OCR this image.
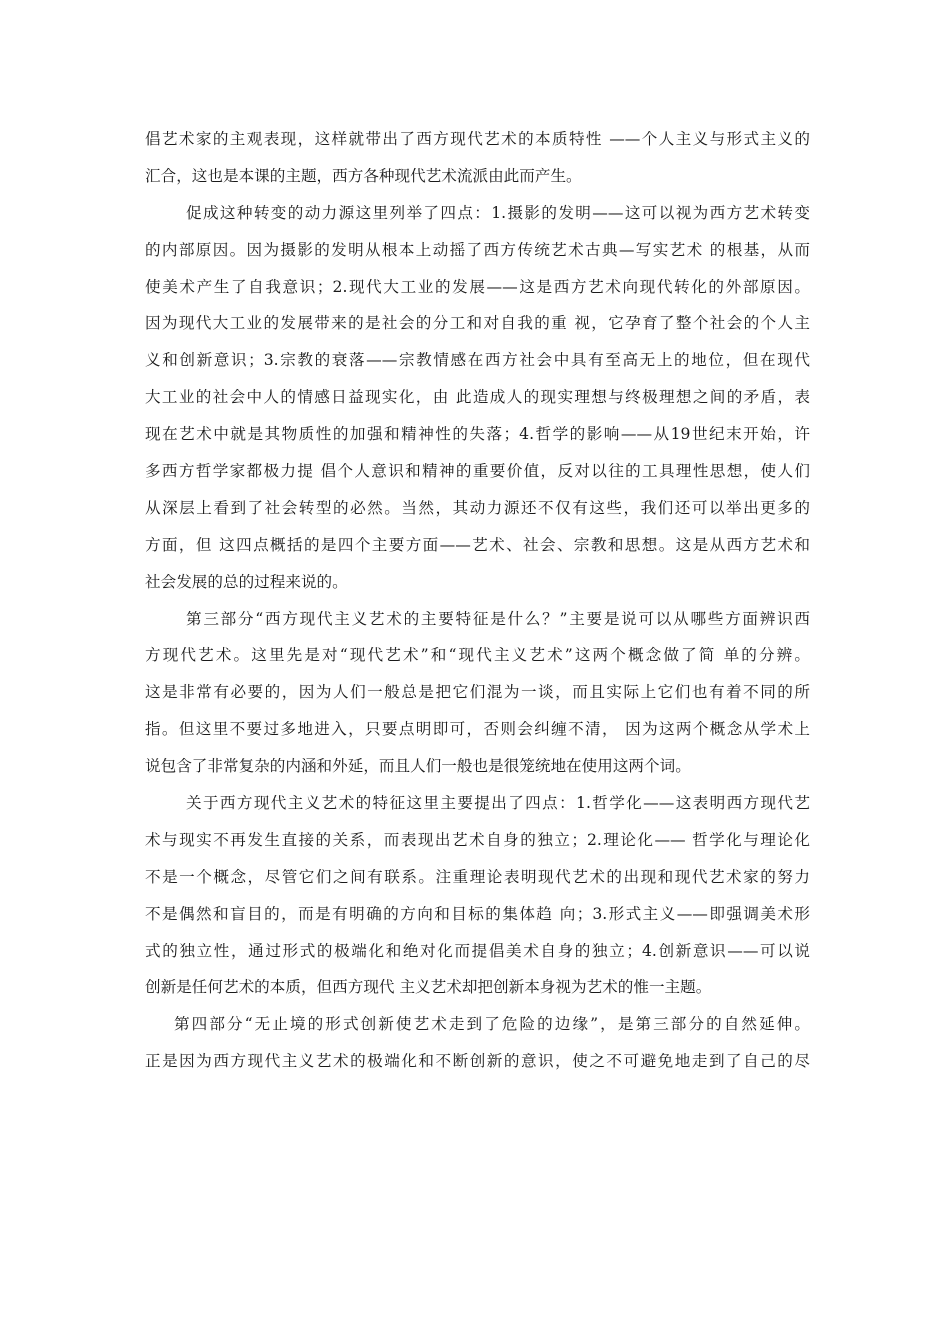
倡艺术家的主观表现，这样就带出了西方现代艺术的本质特性 ——个人主义与形式主义的
汇合，这也是本课的主题，西方各种现代艺术流派由此而产生。
促成这种转变的动力源这里列举了四点：1.摄影的发明——这可以视为西方艺术转变
的内部原因。因为摄影的发明从根本上动摇了西方传统艺术古典—写实艺术 的根基，从而
使美术产生了自我意识；2.现代大工业的发展——这是西方艺术向现代转化的外部原因。
因为现代大工业的发展带来的是社会的分工和对自我的重 视，它孕育了整个社会的个人主
义和创新意识；3.宗教的衰落——宗教情感在西方社会中具有至高无上的地位，但在现代
大工业的社会中人的情感日益现实化，由 此造成人的现实理想与终极理想之间的矛盾，表
现在艺术中就是其物质性的加强和精神性的失落；4.哲学的影响——从19世纪末开始，许
多西方哲学家都极力提 倡个人意识和精神的重要价值，反对以往的工具理性思想，使人们
从深层上看到了社会转型的必然。当然，其动力源还不仅有这些，我们还可以举出更多的
方面，但 这四点概括的是四个主要方面——艺术、社会、宗教和思想。这是从西方艺术和
社会发展的总的过程来说的。
第三部分“西方现代主义艺术的主要特征是什么？”主要是说可以从哪些方面辨识西
方现代艺术。这里先是对“现代艺术”和“现代主义艺术”这两个概念做了简 单的分辨。
这是非常有必要的，因为人们一般总是把它们混为一谈，而且实际上它们也有着不同的所
指。但这里不要过多地进入，只要点明即可，否则会纠缠不清， 因为这两个概念从学术上
说包含了非常复杂的内涵和外延，而且人们一般也是很笼统地在使用这两个词。
关于西方现代主义艺术的特征这里主要提出了四点：1.哲学化——这表明西方现代艺
术与现实不再发生直接的关系，而表现出艺术自身的独立；2.理论化—— 哲学化与理论化
不是一个概念，尽管它们之间有联系。注重理论表明现代艺术的出现和现代艺术家的努力
不是偶然和盲目的，而是有明确的方向和目标的集体趋 向；3.形式主义——即强调美术形
式的独立性，通过形式的极端化和绝对化而提倡美术自身的独立；4.创新意识——可以说
创新是任何艺术的本质，但西方现代 主义艺术却把创新本身视为艺术的惟一主题。
第四部分“无止境的形式创新使艺术走到了危险的边缘”，是第三部分的自然延伸。
正是因为西方现代主义艺术的极端化和不断创新的意识，使之不可避免地走到了自己的尽
